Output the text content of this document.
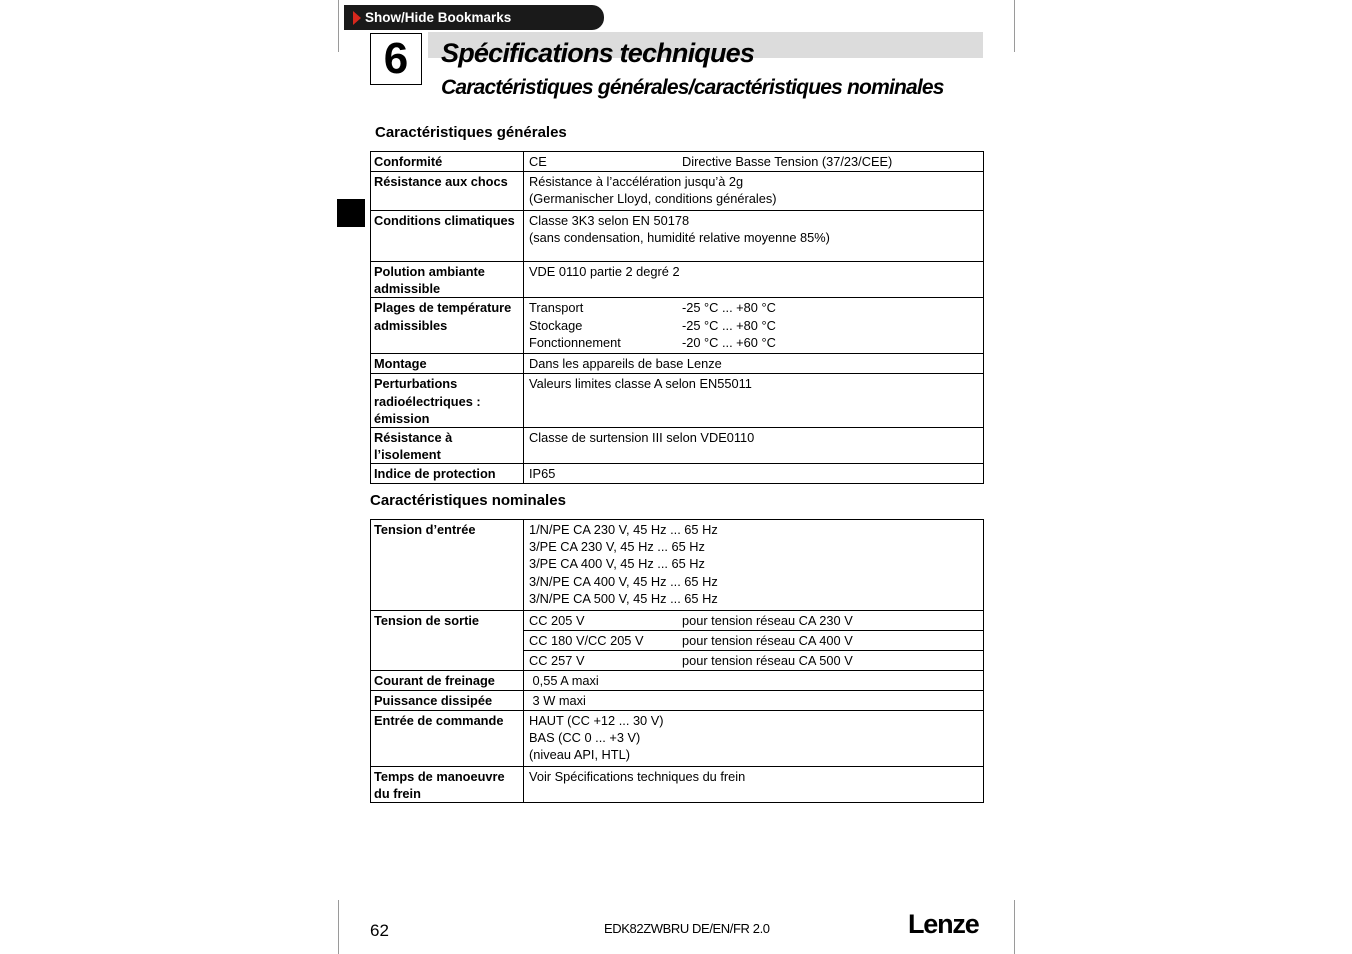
Show/Hide Bookmarks
6	Spécifications techniques
Caractéristiques générales/caractéristiques nominales
Caractéristiques générales
Conformité	CE Directive Basse Tension (37/23/CEE)

Résistance aux chocs	Résistance à l’accélération jusqu’à 2g
(Germanischer Lloyd, conditions générales)

Conditions climatiques	Classe 3K3 selon EN 50178
(sans condensation, humidité relative moyenne 85%)

Polution ambiante admissible	VDE 0110 partie 2 degré 2

Plages de température admissibles	Transport -25 °C ... +80 °C
Stockage -25 °C ... +80 °C
Fonctionnement -20 °C ... +60 °C

Montage	Dans les appareils de base Lenze

Perturbations radioélectriques : émission	Valeurs limites classe A selon EN55011

Résistance à l’isolement	Classe de surtension III selon VDE0110

Indice de protection	IP65
Caractéristiques nominales
Tension d’entrée	1/N/PE CA 230 V, 45 Hz ... 65 Hz
3/PE CA 230 V, 45 Hz ... 65 Hz
3/PE CA 400 V, 45 Hz ... 65 Hz
3/N/PE CA 400 V, 45 Hz ... 65 Hz
3/N/PE CA 500 V, 45 Hz ... 65 Hz

Tension de sortie	CC 205 V pour tension réseau CA 230 V

	CC 180 V/CC 205 V pour tension réseau CA 400 V

	CC 257 V pour tension réseau CA 500 V

Courant de freinage	0,55 A maxi

Puissance dissipée	3 W maxi

Entrée de commande	HAUT (CC +12 ... 30 V)
BAS (CC 0 ... +3 V)
(niveau API, HTL)

Temps de manoeuvre du frein	Voir Spécifications techniques du frein
62	EDK82ZWBRU DE/EN/FR 2.0	Lenze
